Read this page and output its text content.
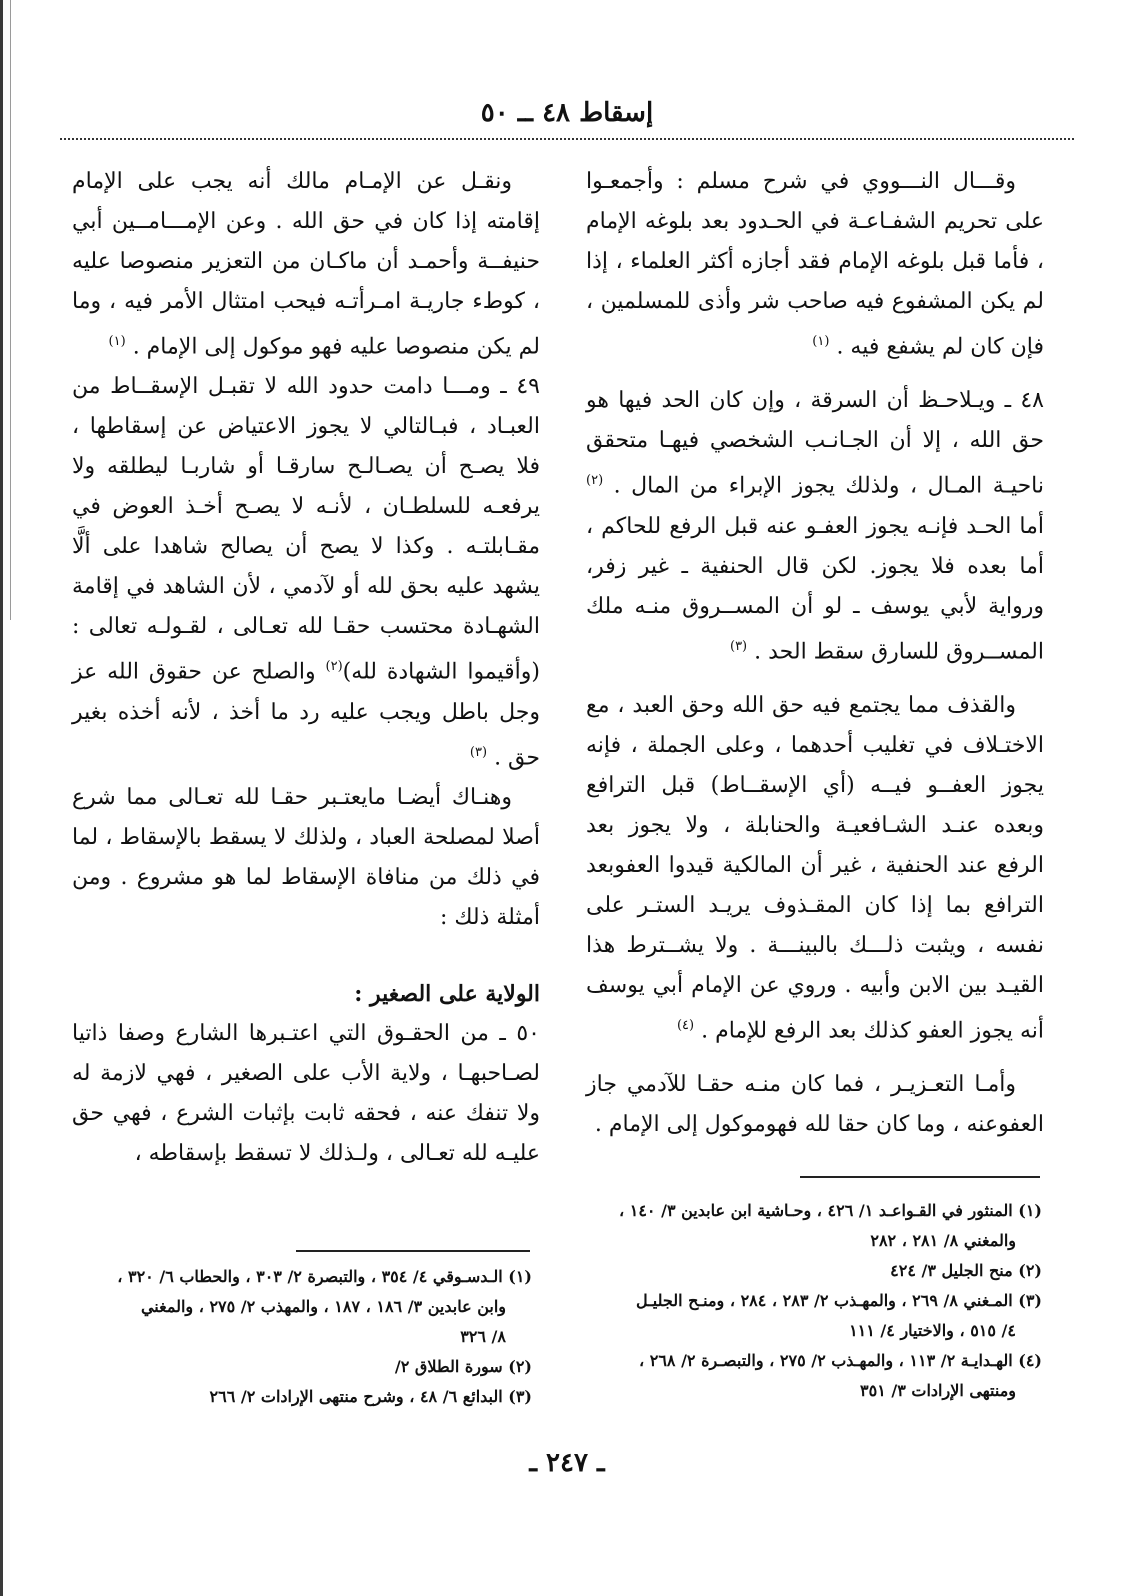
إسقاط ٤٨ ــ ٥٠

وقـــال النـــووي في شرح مسلم : وأجمعـوا على تحريم الشفـاعـة في الحـدود بعد بلوغه الإمام ، فأما قبل بلوغه الإمام فقد أجازه أكثر العلماء ، إذا لم يكن المشفوع فيه صاحب شر وأذى للمسلمين ، فإن كان لم يشفع فيه . $^{(١)}$

٤٨ ـ ويـلاحـظ أن السرقة ، وإن كان الحد فيها هو حق الله ، إلا أن الجـانـب الشخصي فيهـا متحقق ناحيـة المـال ، ولذلك يجوز الإبراء من المال . $^{(٢)}$ أما الحـد فإنـه يجوز العفـو عنه قبل الرفع للحاكم ، أما بعده فلا يجوز. لكن قال الحنفية ـ غير زفر، ورواية لأبي يوسف ـ لو أن المســروق منـه ملك المســروق للسارق سقط الحد . $^{(٣)}$

والقذف مما يجتمع فيه حق الله وحق العبد ، مع الاختـلاف في تغليب أحدهما ، وعلى الجملة ، فإنه يجوز العفــو فيــه (أي الإسقــاط) قبل الترافع وبعده عنـد الشـافعيـة والحنابلة ، ولا يجوز بعد الرفع عند الحنفية ، غير أن المالكية قيدوا العفوبعد الترافع بما إذا كان المقـذوف يريـد الستـر على نفسه ، ويثبت ذلـــك بالبينـــة . ولا يشــترط هذا القيـد بين الابن وأبيه . وروي عن الإمام أبي يوسف أنه يجوز العفو كذلك بعد الرفع للإمام . $^{(٤)}$

وأمـا التعـزيـر ، فما كان منـه حقـا للآدمي جاز العفوعنه ، وما كان حقا لله فهوموكول إلى الإمام .

ونقـل عن الإمـام مالك أنه يجب على الإمام إقامته إذا كان في حق الله . وعن الإمـــامــين أبي حنيفــة وأحمـد أن ماكـان من التعزير منصوصا عليه ، كوطء جاريـة امـرأتـه فيحب امتثال الأمر فيه ، وما لم يكن منصوصا عليه فهو موكول إلى الإمام . $^{(١)}$

٤٩ ـ ومـــا دامت حدود الله لا تقبـل الإسقــاط من العبـاد ، فبـالتالي لا يجوز الاعتياض عن إسقاطها ، فلا يصـح أن يصـالـح سارقـا أو شاربـا ليطلقه ولا يرفعـه للسلطـان ، لأنـه لا يصـح أخـذ العوض في مقـابلتـه . وكذا لا يصح أن يصالح شاهدا على ألَّا يشهد عليه بحق لله أو لآدمي ، لأن الشاهد في إقامة الشهـادة محتسب حقـا لله تعـالى ، لقـولـه تعالى : (وأقيموا الشهادة لله)$^{(٢)}$ والصلح عن حقوق الله عز وجل باطل ويجب عليه رد ما أخذ ، لأنه أخذه بغير حق . $^{(٣)}$

وهنـاك أيضـا مايعتـبر حقـا لله تعـالى مما شرع أصلا لمصلحة العباد ، ولذلك لا يسقط بالإسقاط ، لما في ذلك من منافاة الإسقاط لما هو مشروع . ومن أمثلة ذلك :

الولاية على الصغير :

٥٠ ـ من الحقـوق التي اعتـبرها الشارع وصفا ذاتيا لصـاحبهـا ، ولاية الأب على الصغير ، فهي لازمة له ولا تنفك عنه ، فحقه ثابت بإثبات الشرع ، فهي حق عليـه لله تعـالى ، ولـذلك لا تسقط بإسقاطه ،

(١) المنثور في القـواعـد ١/ ٤٢٦ ، وحـاشية ابن عابدين ٣/ ١٤٠ ،

والمغني ٨/ ٢٨١ ، ٢٨٢

(٢) منح الجليل ٣/ ٤٢٤

(٣) المـغني ٨/ ٢٦٩ ، والمهـذب ٢/ ٢٨٣ ، ٢٨٤ ، ومنـح الجليـل

٤/ ٥١٥ ، والاختيار ٤/ ١١١

(٤) الهـدايـة ٢/ ١١٣ ، والمهـذب ٢/ ٢٧٥ ، والتبصـرة ٢/ ٢٦٨ ،

ومنتهى الإرادات ٣/ ٣٥١

(١) الـدسـوقي ٤/ ٣٥٤ ، والتبصرة ٢/ ٣٠٣ ، والحطاب ٦/ ٣٢٠ ،

وابن عابدين ٣/ ١٨٦ ، ١٨٧ ، والمهذب ٢/ ٢٧٥ ، والمغني

٨/ ٣٢٦

(٢) سورة الطلاق ٢/

(٣) البدائع ٦/ ٤٨ ، وشرح منتهى الإرادات ٢/ ٢٦٦

ـ ٢٤٧ ـ
